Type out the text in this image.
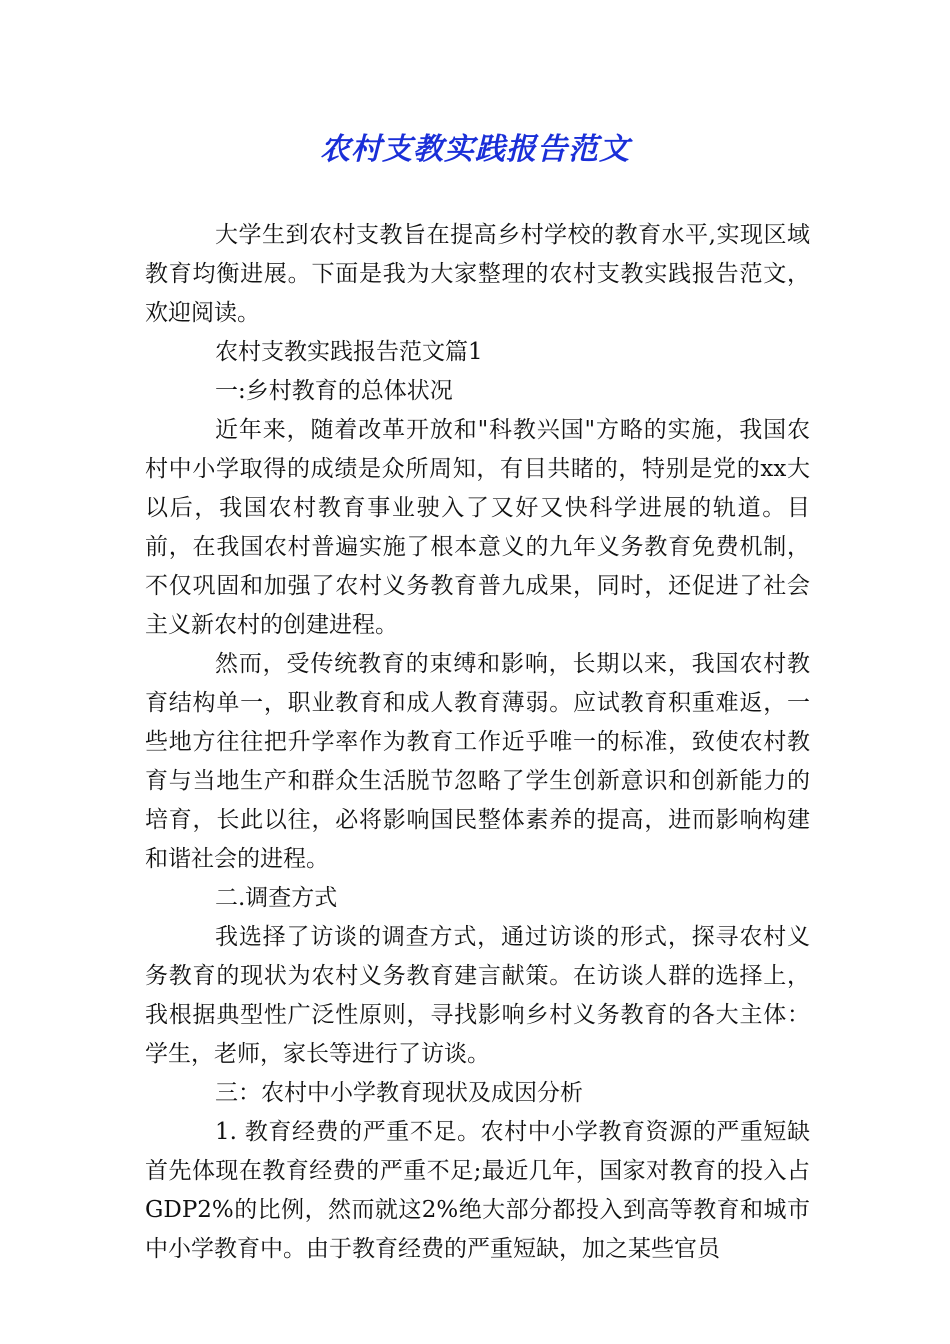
农村支教实践报告范文

大学生到农村支教旨在提高乡村学校的教育水平,实现区域教育均衡进展。下面是我为大家整理的农村支教实践报告范文，欢迎阅读。

农村支教实践报告范文篇1

一:乡村教育的总体状况

近年来，随着改革开放和"科教兴国"方略的实施，我国农村中小学取得的成绩是众所周知，有目共睹的，特别是党的xx大以后，我国农村教育事业驶入了又好又快科学进展的轨道。目前，在我国农村普遍实施了根本意义的九年义务教育免费机制，不仅巩固和加强了农村义务教育普九成果，同时，还促进了社会主义新农村的创建进程。

然而，受传统教育的束缚和影响，长期以来，我国农村教育结构单一，职业教育和成人教育薄弱。应试教育积重难返，一些地方往往把升学率作为教育工作近乎唯一的标准，致使农村教育与当地生产和群众生活脱节忽略了学生创新意识和创新能力的培育，长此以往，必将影响国民整体素养的提高，进而影响构建和谐社会的进程。

二.调查方式

我选择了访谈的调查方式，通过访谈的形式，探寻农村义务教育的现状为农村义务教育建言献策。在访谈人群的选择上，我根据典型性广泛性原则，寻找影响乡村义务教育的各大主体：学生，老师，家长等进行了访谈。

三：农村中小学教育现状及成因分析

1. 教育经费的严重不足。农村中小学教育资源的严重短缺首先体现在教育经费的严重不足;最近几年，国家对教育的投入占GDP2%的比例，然而就这2%绝大部分都投入到高等教育和城市中小学教育中。由于教育经费的严重短缺，加之某些官员
